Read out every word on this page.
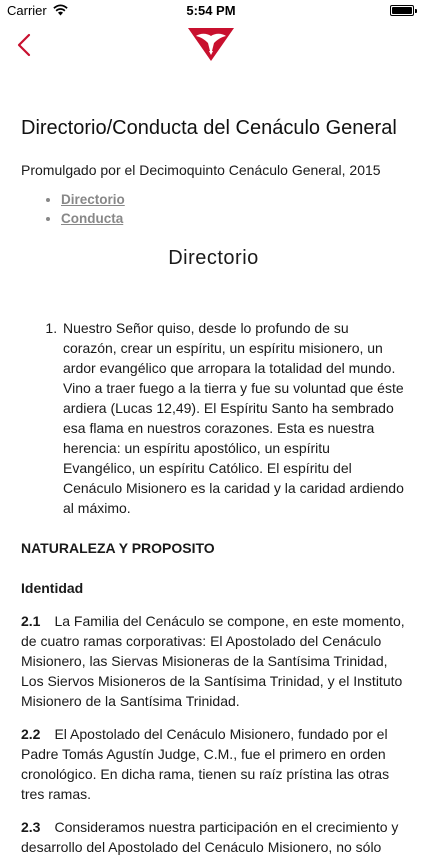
Carrier	5:54 PM
Directorio/Conducta del Cenáculo General

Promulgado por el Decimoquinto Cenáculo General, 2015

• Directorio
• Conducta
Directorio
1. Nuestro Señor quiso, desde lo profundo de su corazón, crear un espíritu, un espíritu misionero, un ardor evangélico que arropara la totalidad del mundo. Vino a traer fuego a la tierra y fue su voluntad que éste ardiera (Lucas 12,49). El Espíritu Santo ha sembrado esa flama en nuestros corazones. Esta es nuestra herencia: un espíritu apostólico, un espíritu Evangélico, un espíritu Católico. El espíritu del Cenáculo Misionero es la caridad y la caridad ardiendo al máximo.
NATURALEZA Y PROPOSITO
Identidad

2.1 La Familia del Cenáculo se compone, en este momento, de cuatro ramas corporativas: El Apostolado del Cenáculo Misionero, las Siervas Misioneras de la Santísima Trinidad, Los Siervos Misioneros de la Santísima Trinidad, y el Instituto Misionero de la Santísima Trinidad.

2.2 El Apostolado del Cenáculo Misionero, fundado por el Padre Tomás Agustín Judge, C.M., fue el primero en orden cronológico. En dicha rama, tienen su raíz prístina las otras tres ramas.

2.3 Consideramos nuestra participación en el crecimiento y desarrollo del Apostolado del Cenáculo Misionero, no sólo
